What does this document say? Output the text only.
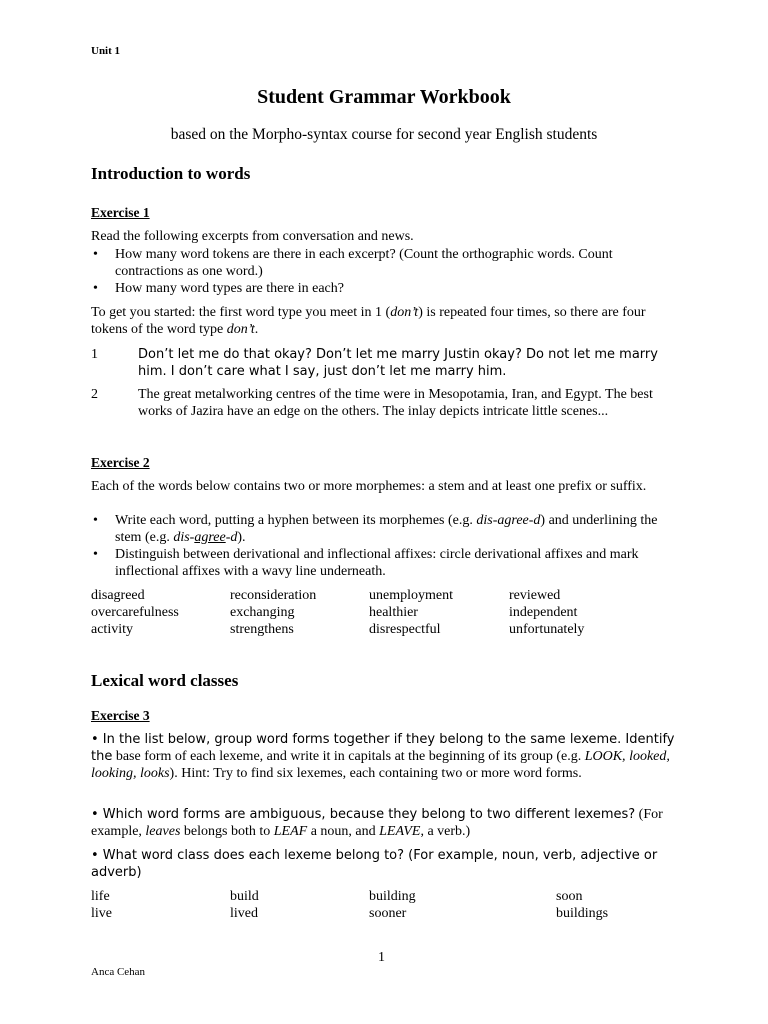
Unit 1
Student Grammar Workbook
based on the Morpho-syntax course for second year English students
Introduction to words
Exercise 1
Read the following excerpts from conversation and news.
• How many word tokens are there in each excerpt? (Count the orthographic words. Count contractions as one word.)
• How many word types are there in each?
To get you started: the first word type you meet in 1 (don’t) is repeated four times, so there are four tokens of the word type don’t.
1	Don’t let me do that okay? Don’t let me marry Justin okay? Do not let me marry him. I don’t care what I say, just don’t let me marry him.
2	The great metalworking centres of the time were in Mesopotamia, Iran, and Egypt. The best works of Jazira have an edge on the others. The inlay depicts intricate little scenes...
Exercise 2
Each of the words below contains two or more morphemes: a stem and at least one prefix or suffix.
• Write each word, putting a hyphen between its morphemes (e.g. dis-agree-d) and underlining the stem (e.g. dis-agree-d).
• Distinguish between derivational and inflectional affixes: circle derivational affixes and mark inflectional affixes with a wavy line underneath.
disagreed	reconsideration	unemployment	reviewed
overcarefulness	exchanging	healthier	independent
activity	strengthens	disrespectful	unfortunately
Lexical word classes
Exercise 3
• In the list below, group word forms together if they belong to the same lexeme. Identify the base form of each lexeme, and write it in capitals at the beginning of its group (e.g. LOOK, looked, looking, looks). Hint: Try to find six lexemes, each containing two or more word forms.
• Which word forms are ambiguous, because they belong to two different lexemes? (For example, leaves belongs both to LEAF a noun, and LEAVE, a verb.)
• What word class does each lexeme belong to? (For example, noun, verb, adjective or adverb)
life	build	building	soon
live	lived	sooner	buildings
1
Anca Cehan
